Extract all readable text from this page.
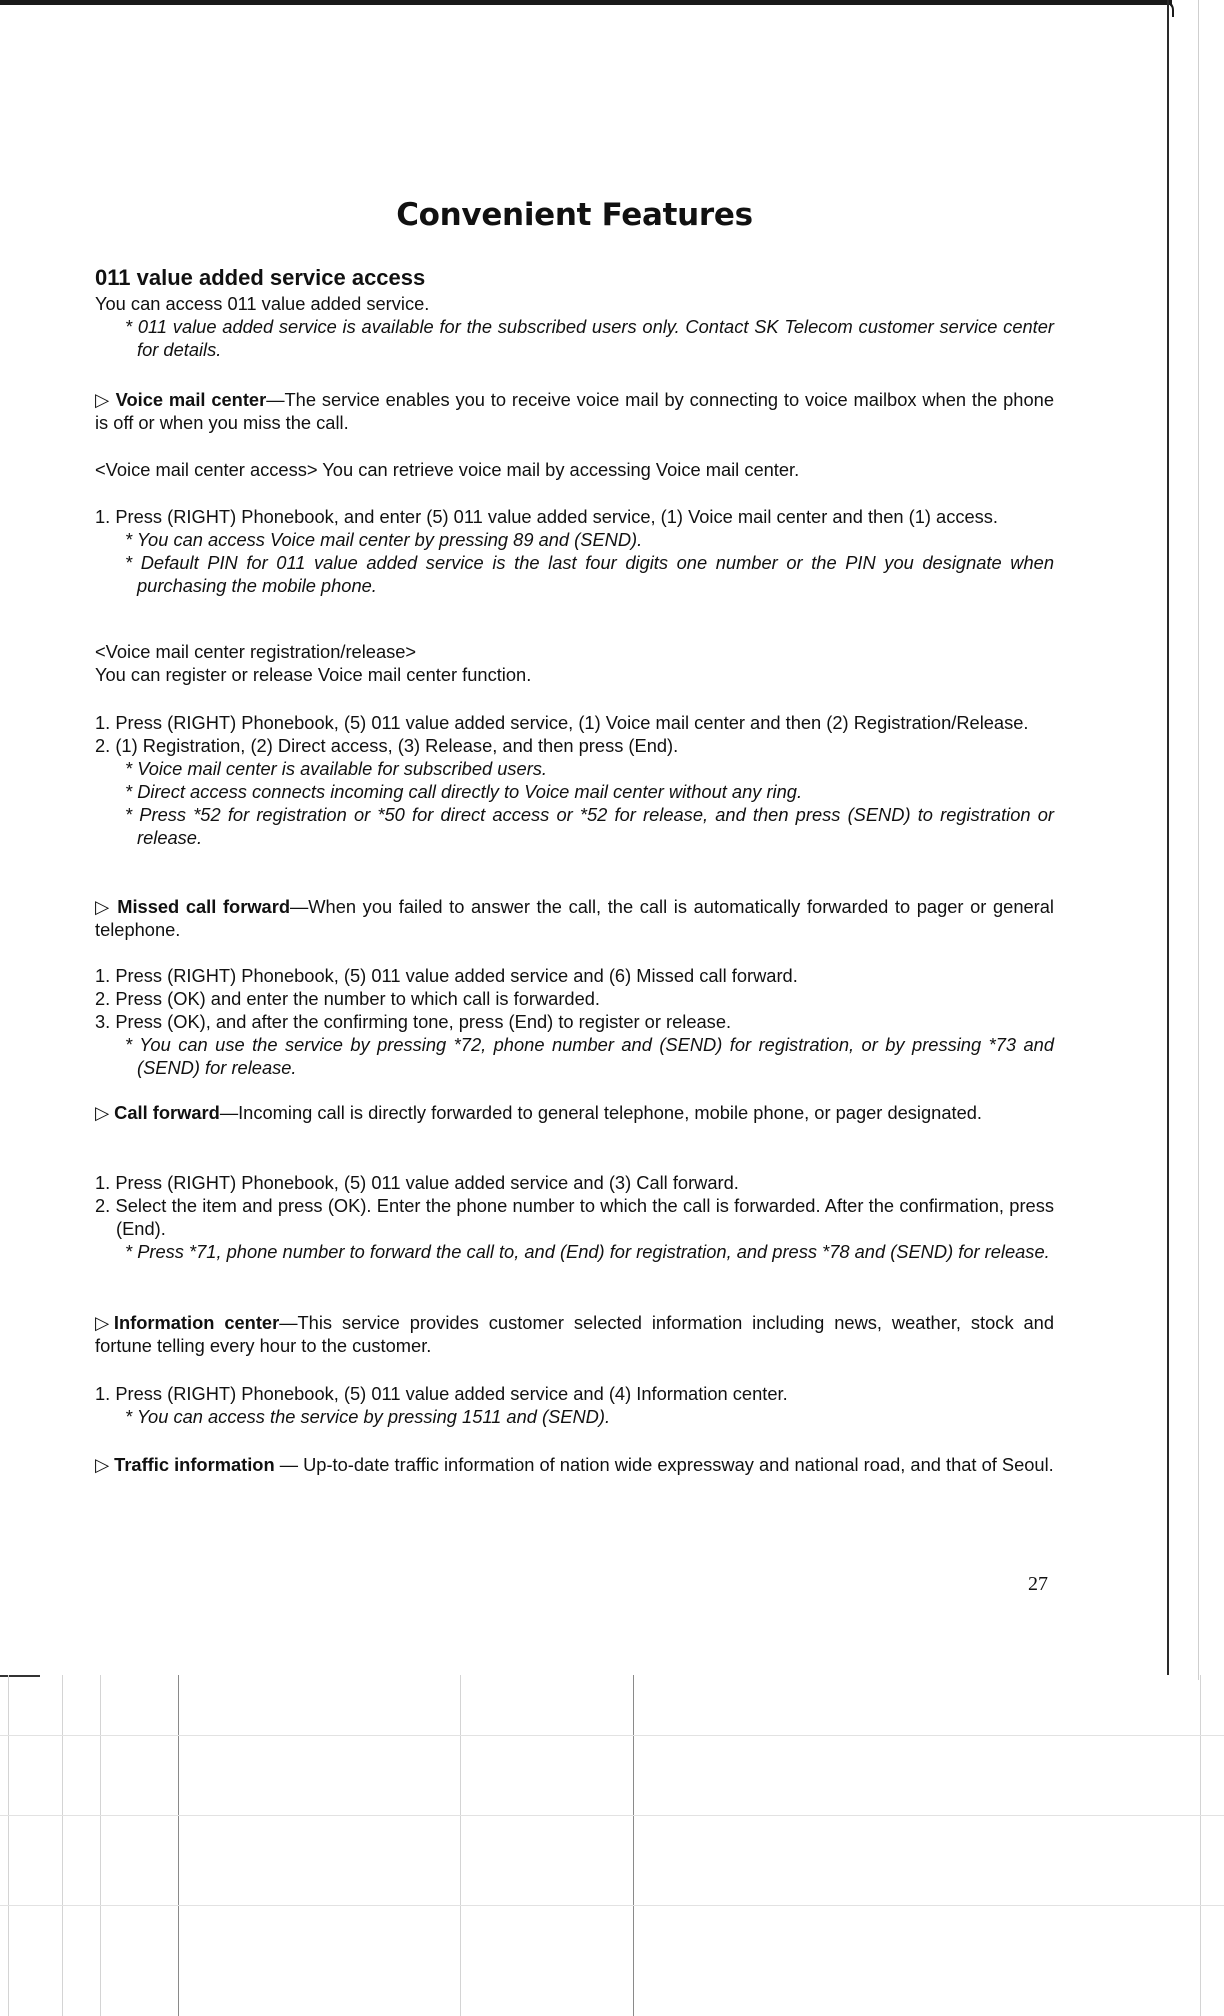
Convenient Features
011 value added service access

You can access 011 value added service.

* 011 value added service is available for the subscribed users only. Contact SK Telecom customer service center for details.

▷ Voice mail center—The service enables you to receive voice mail by connecting to voice mailbox when the phone is off or when you miss the call.

<Voice mail center access> You can retrieve voice mail by accessing Voice mail center.

1. Press (RIGHT) Phonebook, and enter (5) 011 value added service, (1) Voice mail center and then (1) access.

* You can access Voice mail center by pressing 89 and (SEND).

* Default PIN for 011 value added service is the last four digits one number or the PIN you designate when purchasing the mobile phone.

<Voice mail center registration/release>

You can register or release Voice mail center function.

1. Press (RIGHT) Phonebook, (5) 011 value added service, (1) Voice mail center and then (2) Registration/Release.

2. (1) Registration, (2) Direct access, (3) Release, and then press (End).

* Voice mail center is available for subscribed users.

* Direct access connects incoming call directly to Voice mail center without any ring.

* Press *52 for registration or *50 for direct access or *52 for release, and then press (SEND) to registration or release.

▷ Missed call forward—When you failed to answer the call, the call is automatically forwarded to pager or general telephone.

1. Press (RIGHT) Phonebook, (5) 011 value added service and (6) Missed call forward.

2. Press (OK) and enter the number to which call is forwarded.

3. Press (OK), and after the confirming tone, press (End) to register or release.

* You can use the service by pressing *72, phone number and (SEND) for registration, or by pressing *73 and (SEND) for release.

▷ Call forward—Incoming call is directly forwarded to general telephone, mobile phone, or pager designated.

1. Press (RIGHT) Phonebook, (5) 011 value added service and (3) Call forward.

2. Select the item and press (OK). Enter the phone number to which the call is forwarded. After the confirmation, press (End).

* Press *71, phone number to forward the call to, and (End) for registration, and press *78 and (SEND) for release.

▷Information center—This service provides customer selected information including news, weather, stock and fortune telling every hour to the customer.

1. Press (RIGHT) Phonebook, (5) 011 value added service and (4) Information center.

* You can access the service by pressing 1511 and (SEND).

▷ Traffic information — Up-to-date traffic information of nation wide expressway and national road, and that of Seoul.

27
